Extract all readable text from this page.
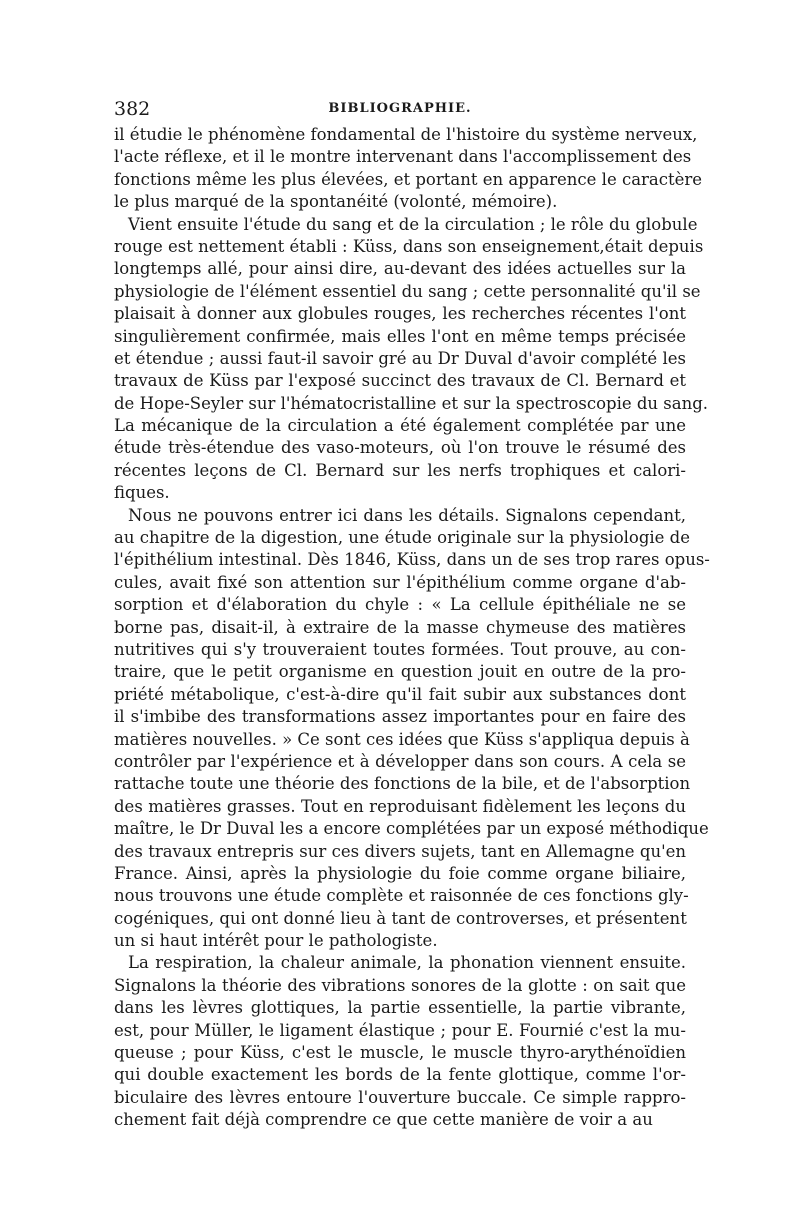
382	BIBLIOGRAPHIE.
il étudie le phénomène fondamental de l'histoire du système nerveux,
l'acte réflexe, et il le montre intervenant dans l'accomplissement des
fonctions même les plus élevées, et portant en apparence le caractère
le plus marqué de la spontanéité (volonté, mémoire).
Vient ensuite l'étude du sang et de la circulation ; le rôle du globule
rouge est nettement établi : Küss, dans son enseignement,était depuis
longtemps allé, pour ainsi dire, au-devant des idées actuelles sur la
physiologie de l'élément essentiel du sang ; cette personnalité qu'il se
plaisait à donner aux globules rouges, les recherches récentes l'ont
singulièrement confirmée, mais elles l'ont en même temps précisée
et étendue ; aussi faut-il savoir gré au Dr Duval d'avoir complété les
travaux de Küss par l'exposé succinct des travaux de Cl. Bernard et
de Hope-Seyler sur l'hématocristalline et sur la spectroscopie du sang.
La mécanique de la circulation a été également complétée par une
étude très-étendue des vaso-moteurs, où l'on trouve le résumé des
récentes leçons de Cl. Bernard sur les nerfs trophiques et calori-
fiques.
Nous ne pouvons entrer ici dans les détails. Signalons cependant,
au chapitre de la digestion, une étude originale sur la physiologie de
l'épithélium intestinal. Dès 1846, Küss, dans un de ses trop rares opus-
cules, avait fixé son attention sur l'épithélium comme organe d'ab-
sorption et d'élaboration du chyle : « La cellule épithéliale ne se
borne pas, disait-il, à extraire de la masse chymeuse des matières
nutritives qui s'y trouveraient toutes formées. Tout prouve, au con-
traire, que le petit organisme en question jouit en outre de la pro-
priété métabolique, c'est-à-dire qu'il fait subir aux substances dont
il s'imbibe des transformations assez importantes pour en faire des
matières nouvelles. » Ce sont ces idées que Küss s'appliqua depuis à
contrôler par l'expérience et à développer dans son cours. A cela se
rattache toute une théorie des fonctions de la bile, et de l'absorption
des matières grasses. Tout en reproduisant fidèlement les leçons du
maître, le Dr Duval les a encore complétées par un exposé méthodique
des travaux entrepris sur ces divers sujets, tant en Allemagne qu'en
France. Ainsi, après la physiologie du foie comme organe biliaire,
nous trouvons une étude complète et raisonnée de ces fonctions gly-
cogéniques, qui ont donné lieu à tant de controverses, et présentent
un si haut intérêt pour le pathologiste.
La respiration, la chaleur animale, la phonation viennent ensuite.
Signalons la théorie des vibrations sonores de la glotte : on sait que
dans les lèvres glottiques, la partie essentielle, la partie vibrante,
est, pour Müller, le ligament élastique ; pour E. Fournié c'est la mu-
queuse ; pour Küss, c'est le muscle, le muscle thyro-arythénoïdien
qui double exactement les bords de la fente glottique, comme l'or-
biculaire des lèvres entoure l'ouverture buccale. Ce simple rappro-
chement fait déjà comprendre ce que cette manière de voir a au
